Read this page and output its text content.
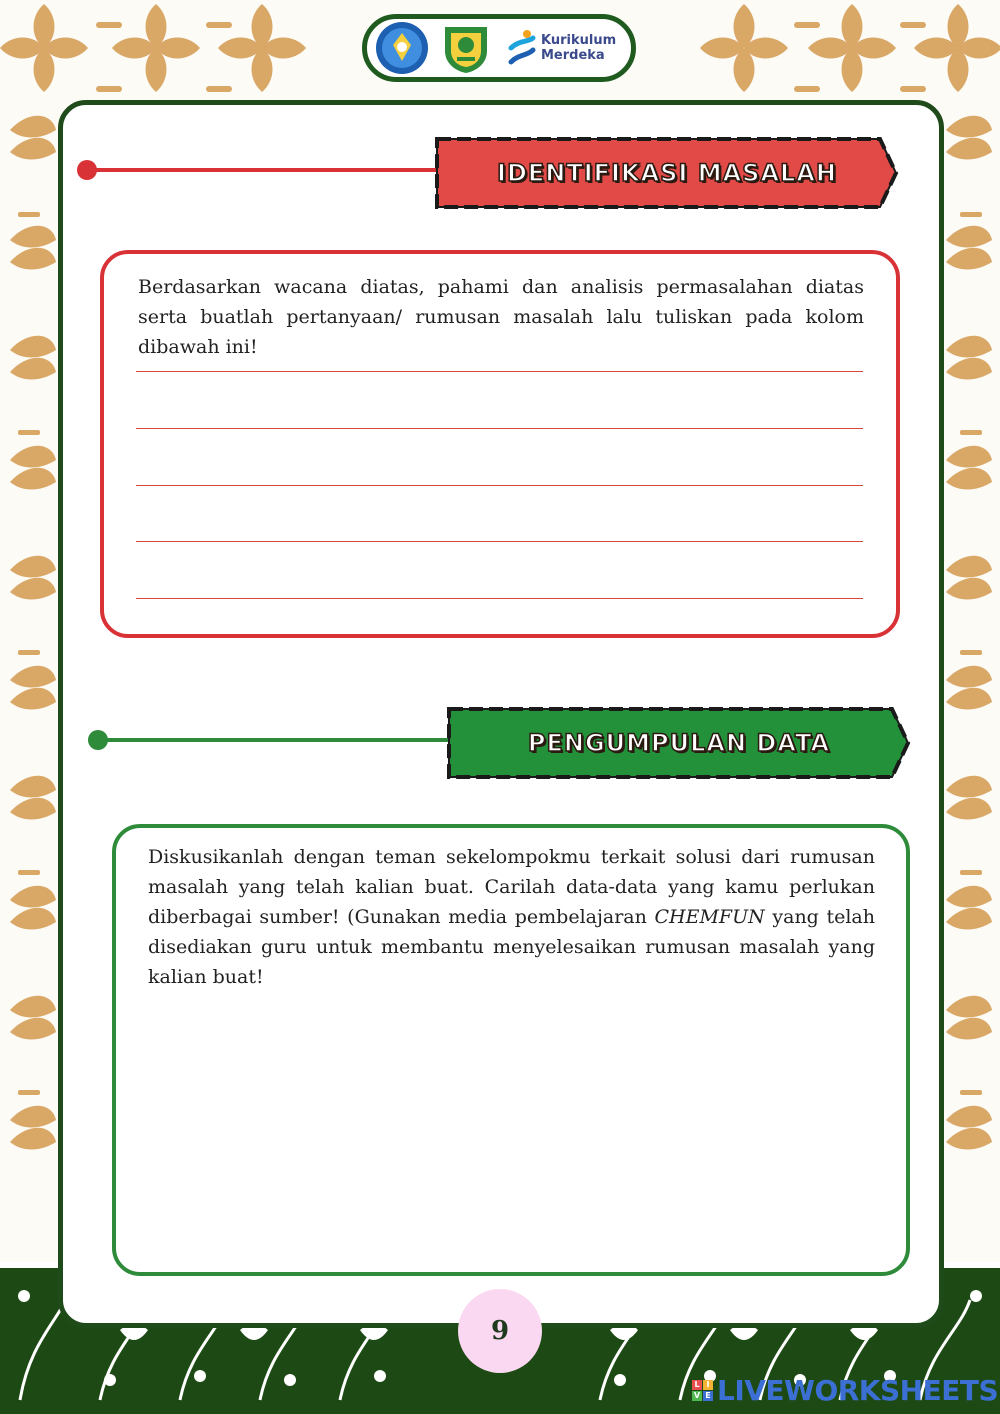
Kurikulum
Merdeka
IDENTIFIKASI MASALAH
Berdasarkan wacana diatas, pahami dan analisis permasalahan diatas serta buatlah pertanyaan/ rumusan masalah lalu tuliskan pada kolom dibawah ini!
PENGUMPULAN DATA
Diskusikanlah dengan teman sekelompokmu terkait solusi dari rumusan masalah yang telah kalian buat. Carilah data-data yang kamu perlukan diberbagai sumber! (Gunakan media pembelajaran CHEMFUN yang telah disediakan guru untuk membantu menyelesaikan rumusan masalah yang kalian buat!
9
L I
V E LIVEWORKSHEETS
